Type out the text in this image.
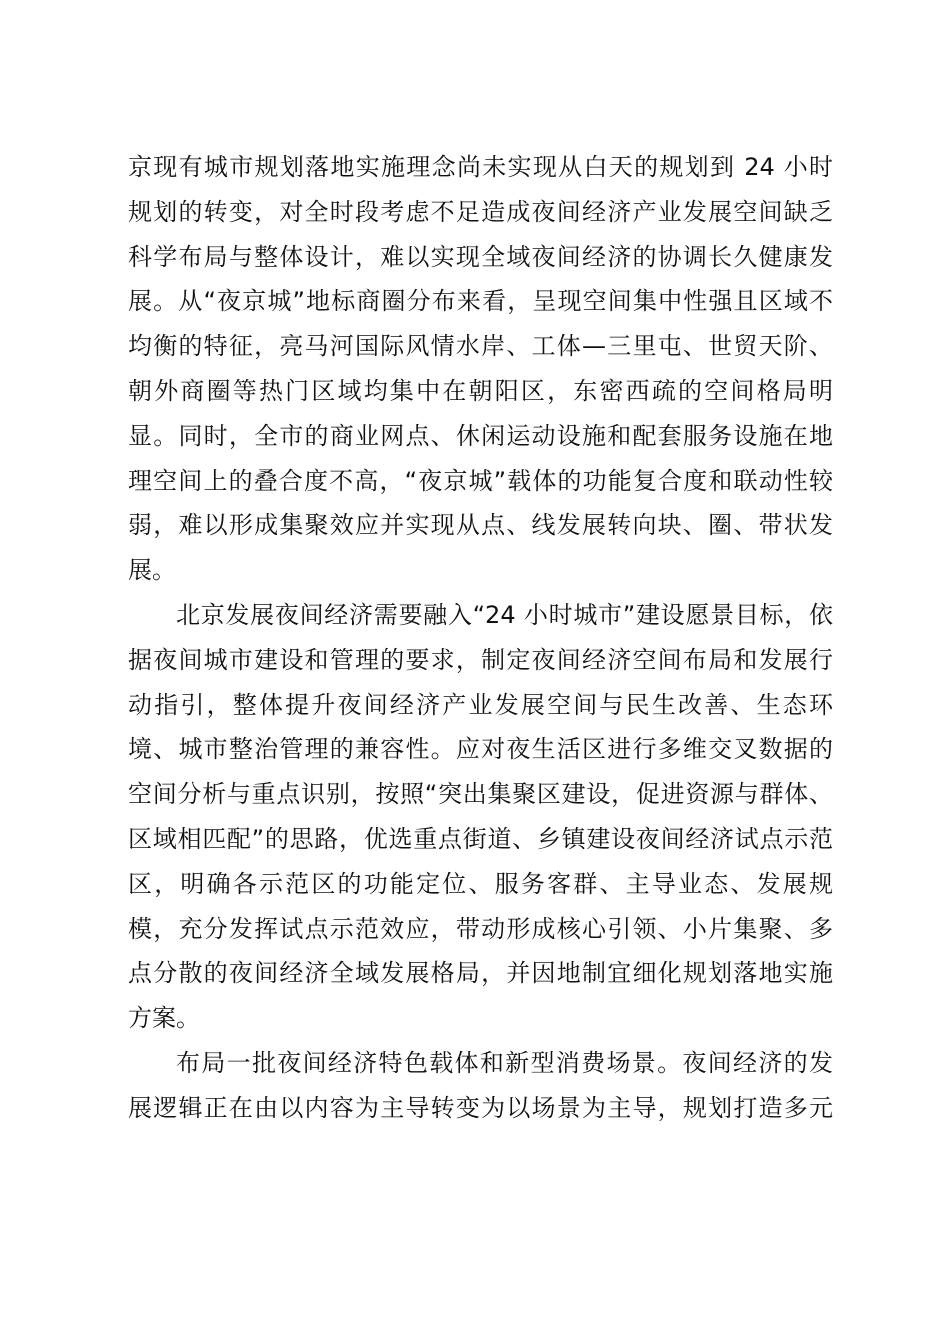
京现有城市规划落地实施理念尚未实现从白天的规划到 24 小时
规划的转变，对全时段考虑不足造成夜间经济产业发展空间缺乏
科学布局与整体设计，难以实现全域夜间经济的协调长久健康发
展。从“夜京城”地标商圈分布来看，呈现空间集中性强且区域不
均衡的特征，亮马河国际风情水岸、工体—三里屯、世贸天阶、
朝外商圈等热门区域均集中在朝阳区，东密西疏的空间格局明
显。同时，全市的商业网点、休闲运动设施和配套服务设施在地
理空间上的叠合度不高，“夜京城”载体的功能复合度和联动性较
弱，难以形成集聚效应并实现从点、线发展转向块、圈、带状发
展。
北京发展夜间经济需要融入“24 小时城市”建设愿景目标，依
据夜间城市建设和管理的要求，制定夜间经济空间布局和发展行
动指引，整体提升夜间经济产业发展空间与民生改善、生态环
境、城市整治管理的兼容性。应对夜生活区进行多维交叉数据的
空间分析与重点识别，按照“突出集聚区建设，促进资源与群体、
区域相匹配”的思路，优选重点街道、乡镇建设夜间经济试点示范
区，明确各示范区的功能定位、服务客群、主导业态、发展规
模，充分发挥试点示范效应，带动形成核心引领、小片集聚、多
点分散的夜间经济全域发展格局，并因地制宜细化规划落地实施
方案。
布局一批夜间经济特色载体和新型消费场景。夜间经济的发
展逻辑正在由以内容为主导转变为以场景为主导，规划打造多元
